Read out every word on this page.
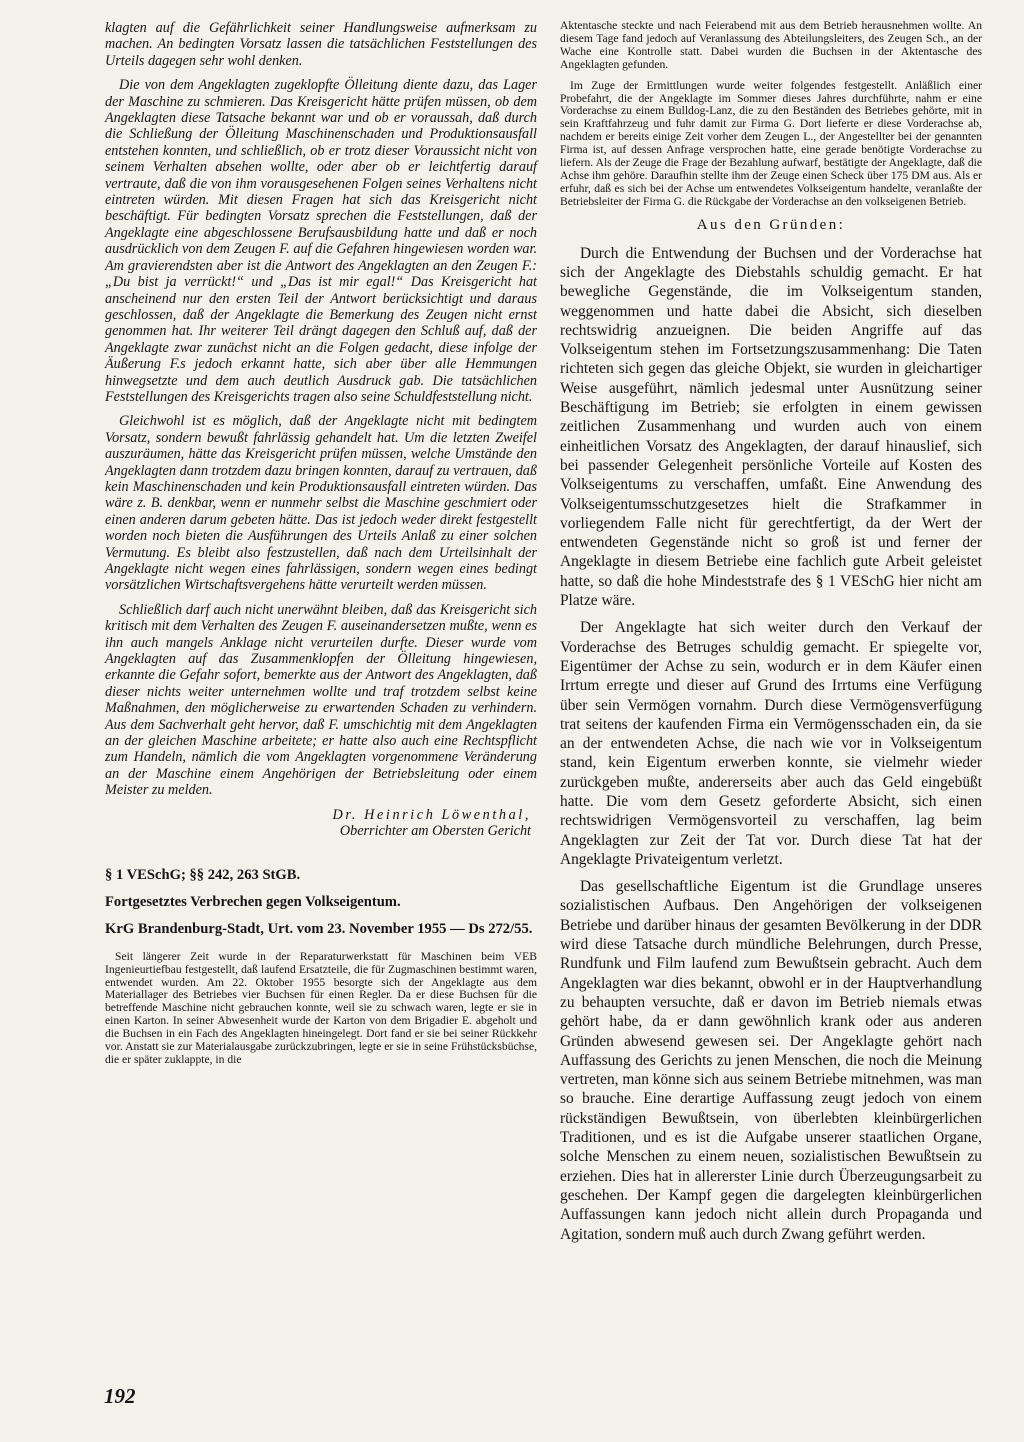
klagten auf die Gefährlichkeit seiner Handlungsweise aufmerksam zu machen. An bedingten Vorsatz lassen die tatsächlichen Feststellungen des Urteils dagegen sehr wohl denken.

Die von dem Angeklagten zugeklopfte Ölleitung diente dazu, das Lager der Maschine zu schmieren. Das Kreisgericht hätte prüfen müssen, ob dem Angeklagten diese Tatsache bekannt war und ob er voraussah, daß durch die Schließung der Ölleitung Maschinenschaden und Produktionsausfall entstehen konnten, und schließlich, ob er trotz dieser Voraussicht nicht von seinem Verhalten absehen wollte, oder aber ob er leichtfertig darauf vertraute, daß die von ihm vorausgesehenen Folgen seines Verhaltens nicht eintreten würden. Mit diesen Fragen hat sich das Kreisgericht nicht beschäftigt. Für bedingten Vorsatz sprechen die Feststellungen, daß der Angeklagte eine abgeschlossene Berufsausbildung hatte und daß er noch ausdrücklich von dem Zeugen F. auf die Gefahren hingewiesen worden war. Am gravierendsten aber ist die Antwort des Angeklagten an den Zeugen F.: „Du bist ja verrückt!“ und „Das ist mir egal!“ Das Kreisgericht hat anscheinend nur den ersten Teil der Antwort berücksichtigt und daraus geschlossen, daß der Angeklagte die Bemerkung des Zeugen nicht ernst genommen hat. Ihr weiterer Teil drängt dagegen den Schluß auf, daß der Angeklagte zwar zunächst nicht an die Folgen gedacht, diese infolge der Äußerung F.s jedoch erkannt hatte, sich aber über alle Hemmungen hinwegsetzte und dem auch deutlich Ausdruck gab. Die tatsächlichen Feststellungen des Kreisgerichts tragen also seine Schuldfeststellung nicht.

Gleichwohl ist es möglich, daß der Angeklagte nicht mit bedingtem Vorsatz, sondern bewußt fahrlässig gehandelt hat. Um die letzten Zweifel auszuräumen, hätte das Kreisgericht prüfen müssen, welche Umstände den Angeklagten dann trotzdem dazu bringen konnten, darauf zu vertrauen, daß kein Maschinenschaden und kein Produktionsausfall eintreten würden. Das wäre z. B. denkbar, wenn er nunmehr selbst die Maschine geschmiert oder einen anderen darum gebeten hätte. Das ist jedoch weder direkt festgestellt worden noch bieten die Ausführungen des Urteils Anlaß zu einer solchen Vermutung. Es bleibt also festzustellen, daß nach dem Urteilsinhalt der Angeklagte nicht wegen eines fahrlässigen, sondern wegen eines bedingt vorsätzlichen Wirtschaftsvergehens hätte verurteilt werden müssen.

Schließlich darf auch nicht unerwähnt bleiben, daß das Kreisgericht sich kritisch mit dem Verhalten des Zeugen F. auseinandersetzen mußte, wenn es ihn auch mangels Anklage nicht verurteilen durfte. Dieser wurde vom Angeklagten auf das Zusammenklopfen der Ölleitung hingewiesen, erkannte die Gefahr sofort, bemerkte aus der Antwort des Angeklagten, daß dieser nichts weiter unternehmen wollte und traf trotzdem selbst keine Maßnahmen, den möglicherweise zu erwartenden Schaden zu verhindern. Aus dem Sachverhalt geht hervor, daß F. umschichtig mit dem Angeklagten an der gleichen Maschine arbeitete; er hatte also auch eine Rechtspflicht zum Handeln, nämlich die vom Angeklagten vorgenommene Veränderung an der Maschine einem Angehörigen der Betriebsleitung oder einem Meister zu melden.

Dr. Heinrich Löwenthal,
Oberrichter am Obersten Gericht
§ 1 VESchG; §§ 242, 263 StGB.
Fortgesetztes Verbrechen gegen Volkseigentum.
KrG Brandenburg-Stadt, Urt. vom 23. November 1955 — Ds 272/55.

Seit längerer Zeit wurde in der Reparaturwerkstatt für Maschinen beim VEB Ingenieurtiefbau festgestellt, daß laufend Ersatzteile, die für Zugmaschinen bestimmt waren, entwendet wurden. Am 22. Oktober 1955 besorgte sich der Angeklagte aus dem Materiallager des Betriebes vier Buchsen für einen Regler. Da er diese Buchsen für die betreffende Maschine nicht gebrauchen konnte, weil sie zu schwach waren, legte er sie in einen Karton. In seiner Abwesenheit wurde der Karton von dem Brigadier E. abgeholt und die Buchsen in ein Fach des Angeklagten hineingelegt. Dort fand er sie bei seiner Rückkehr vor. Anstatt sie zur Materialausgabe zurückzubringen, legte er sie in seine Frühstücksbüchse, die er später zuklappte, in die

Aktentasche steckte und nach Feierabend mit aus dem Betrieb herausnehmen wollte. An diesem Tage fand jedoch auf Veranlassung des Abteilungsleiters, des Zeugen Sch., an der Wache eine Kontrolle statt. Dabei wurden die Buchsen in der Aktentasche des Angeklagten gefunden.

Im Zuge der Ermittlungen wurde weiter folgendes festgestellt. Anläßlich einer Probefahrt, die der Angeklagte im Sommer dieses Jahres durchführte, nahm er eine Vorderachse zu einem Bulldog-Lanz, die zu den Beständen des Betriebes gehörte, mit in sein Kraftfahrzeug und fuhr damit zur Firma G. Dort lieferte er diese Vorderachse ab, nachdem er bereits einige Zeit vorher dem Zeugen L., der Angestellter bei der genannten Firma ist, auf dessen Anfrage versprochen hatte, eine gerade benötigte Vorderachse zu liefern. Als der Zeuge die Frage der Bezahlung aufwarf, bestätigte der Angeklagte, daß die Achse ihm gehöre. Daraufhin stellte ihm der Zeuge einen Scheck über 175 DM aus. Als er erfuhr, daß es sich bei der Achse um entwendetes Volkseigentum handelte, veranlaßte der Betriebsleiter der Firma G. die Rückgabe der Vorderachse an den volkseigenen Betrieb.

Aus den Gründen:

Durch die Entwendung der Buchsen und der Vorderachse hat sich der Angeklagte des Diebstahls schuldig gemacht. Er hat bewegliche Gegenstände, die im Volkseigentum standen, weggenommen und hatte dabei die Absicht, sich dieselben rechtswidrig anzueignen. Die beiden Angriffe auf das Volkseigentum stehen im Fortsetzungszusammenhang: Die Taten richteten sich gegen das gleiche Objekt, sie wurden in gleichartiger Weise ausgeführt, nämlich jedesmal unter Ausnützung seiner Beschäftigung im Betrieb; sie erfolgten in einem gewissen zeitlichen Zusammenhang und wurden auch von einem einheitlichen Vorsatz des Angeklagten, der darauf hinauslief, sich bei passender Gelegenheit persönliche Vorteile auf Kosten des Volkseigentums zu verschaffen, umfaßt. Eine Anwendung des Volkseigentumsschutzgesetzes hielt die Strafkammer in vorliegendem Falle nicht für gerechtfertigt, da der Wert der entwendeten Gegenstände nicht so groß ist und ferner der Angeklagte in diesem Betriebe eine fachlich gute Arbeit geleistet hatte, so daß die hohe Mindeststrafe des § 1 VESchG hier nicht am Platze wäre.

Der Angeklagte hat sich weiter durch den Verkauf der Vorderachse des Betruges schuldig gemacht. Er spiegelte vor, Eigentümer der Achse zu sein, wodurch er in dem Käufer einen Irrtum erregte und dieser auf Grund des Irrtums eine Verfügung über sein Vermögen vornahm. Durch diese Vermögensverfügung trat seitens der kaufenden Firma ein Vermögensschaden ein, da sie an der entwendeten Achse, die nach wie vor in Volkseigentum stand, kein Eigentum erwerben konnte, sie vielmehr wieder zurückgeben mußte, andererseits aber auch das Geld eingebüßt hatte. Die vom dem Gesetz geforderte Absicht, sich einen rechtswidrigen Vermögensvorteil zu verschaffen, lag beim Angeklagten zur Zeit der Tat vor. Durch diese Tat hat der Angeklagte Privateigentum verletzt.

Das gesellschaftliche Eigentum ist die Grundlage unseres sozialistischen Aufbaus. Den Angehörigen der volkseigenen Betriebe und darüber hinaus der gesamten Bevölkerung in der DDR wird diese Tatsache durch mündliche Belehrungen, durch Presse, Rundfunk und Film laufend zum Bewußtsein gebracht. Auch dem Angeklagten war dies bekannt, obwohl er in der Hauptverhandlung zu behaupten versuchte, daß er davon im Betrieb niemals etwas gehört habe, da er dann gewöhnlich krank oder aus anderen Gründen abwesend gewesen sei. Der Angeklagte gehört nach Auffassung des Gerichts zu jenen Menschen, die noch die Meinung vertreten, man könne sich aus seinem Betriebe mitnehmen, was man so brauche. Eine derartige Auffassung zeugt jedoch von einem rückständigen Bewußtsein, von überlebten kleinbürgerlichen Traditionen, und es ist die Aufgabe unserer staatlichen Organe, solche Menschen zu einem neuen, sozialistischen Bewußtsein zu erziehen. Dies hat in allererster Linie durch Überzeugungsarbeit zu geschehen. Der Kampf gegen die dargelegten kleinbürgerlichen Auffassungen kann jedoch nicht allein durch Propaganda und Agitation, sondern muß auch durch Zwang geführt werden.

192
